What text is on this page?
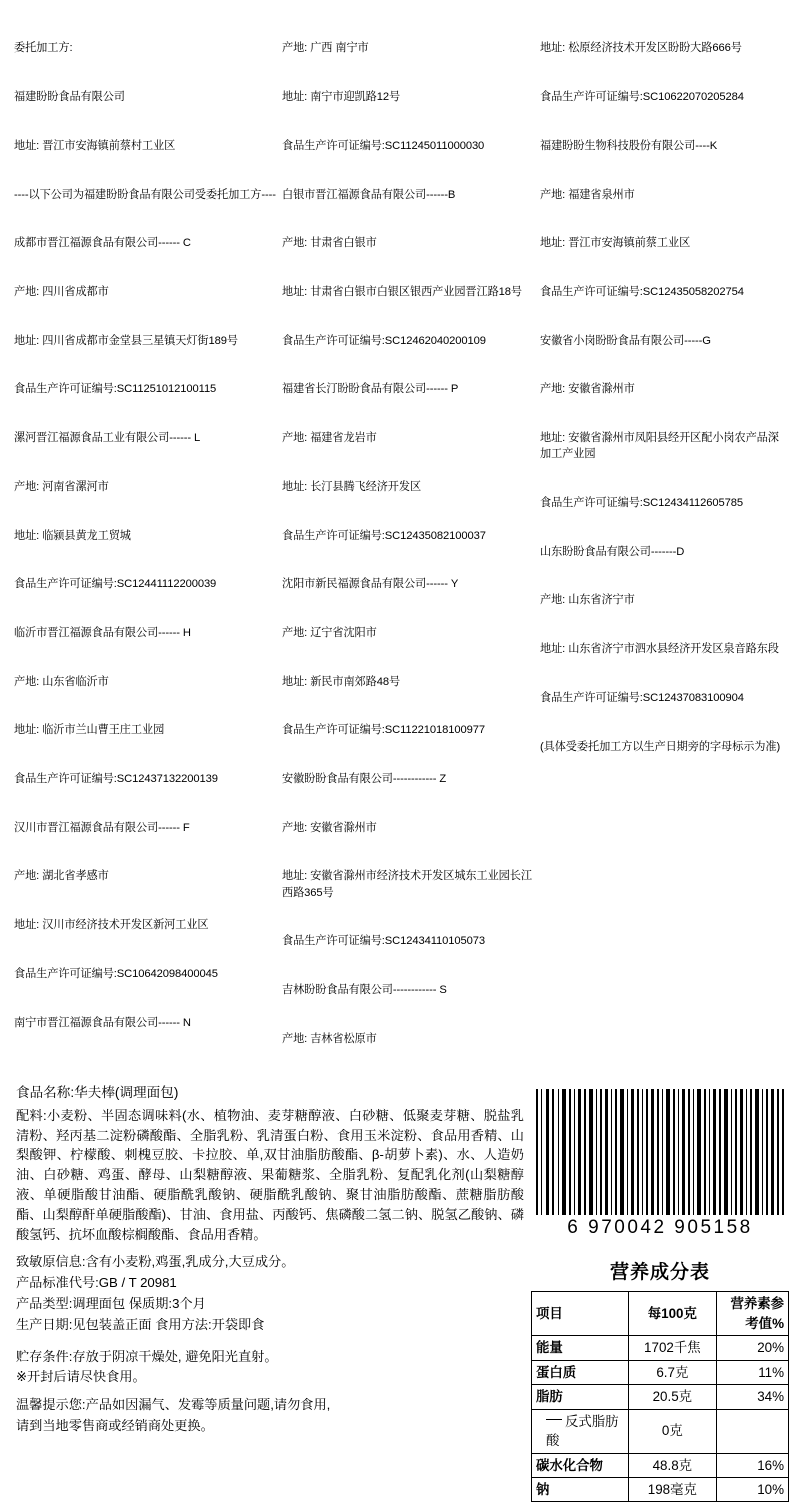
委托加工方:

福建盼盼食品有限公司

地址: 晋江市安海镇前蔡村工业区

----以下公司为福建盼盼食品有限公司受委托加工方----

成都市晋江福源食品有限公司------ C

产地: 四川省成都市

地址: 四川省成都市金堂县三星镇天灯街189号

食品生产许可证编号:SC11251012100115

漯河晋江福源食品工业有限公司------ L

产地: 河南省漯河市

地址: 临颍县黄龙工贸城

食品生产许可证编号:SC12441112200039

临沂市晋江福源食品有限公司------ H

产地: 山东省临沂市

地址: 临沂市兰山曹王庄工业园

食品生产许可证编号:SC12437132200139

汉川市晋江福源食品有限公司------ F

产地: 湖北省孝感市

地址: 汉川市经济技术开发区新河工业区

食品生产许可证编号:SC10642098400045

南宁市晋江福源食品有限公司------ N

产地: 广西 南宁市

地址: 南宁市迎凯路12号

食品生产许可证编号:SC11245011000030

白银市晋江福源食品有限公司------B

产地: 甘肃省白银市

地址: 甘肃省白银市白银区银西产业园晋江路18号

食品生产许可证编号:SC12462040200109

福建省长汀盼盼食品有限公司------ P

产地: 福建省龙岩市

地址: 长汀县腾飞经济开发区

食品生产许可证编号:SC12435082100037

沈阳市新民福源食品有限公司------ Y

产地: 辽宁省沈阳市

地址: 新民市南郊路48号

食品生产许可证编号:SC11221018100977

安徽盼盼食品有限公司------------ Z

产地: 安徽省滁州市

地址: 安徽省滁州市经济技术开发区城东工业园长江西路365号

食品生产许可证编号:SC12434110105073

吉林盼盼食品有限公司------------ S

产地: 吉林省松原市

地址: 松原经济技术开发区盼盼大路666号

食品生产许可证编号:SC10622070205284

福建盼盼生物科技股份有限公司----K

产地: 福建省泉州市

地址: 晋江市安海镇前蔡工业区

食品生产许可证编号:SC12435058202754

安徽省小岗盼盼食品有限公司-----G

产地: 安徽省滁州市

地址: 安徽省滁州市凤阳县经开区配小岗农产品深加工产业园

食品生产许可证编号:SC12434112605785

山东盼盼食品有限公司-------D

产地: 山东省济宁市

地址: 山东省济宁市泗水县经济开发区泉音路东段

食品生产许可证编号:SC12437083100904

(具体受委托加工方以生产日期旁的字母标示为准)

食品名称:华夫棒(调理面包)
配料:小麦粉、半固态调味料(水、植物油、麦芽糖醇液、白砂糖、低聚麦芽糖、脱盐乳清粉、羟丙基二淀粉磷酸酯、全脂乳粉、乳清蛋白粉、食用玉米淀粉、食品用香精、山梨酸钾、柠檬酸、刺槐豆胶、卡拉胶、单,双甘油脂肪酸酯、β-胡萝卜素)、水、人造奶油、白砂糖、鸡蛋、酵母、山梨糖醇液、果葡糖浆、全脂乳粉、复配乳化剂(山梨糖醇液、单硬脂酸甘油酯、硬脂酰乳酸钠、硬脂酰乳酸钠、聚甘油脂肪酸酯、蔗糖脂肪酸酯、山梨醇酐单硬脂酸酯)、甘油、食用盐、丙酸钙、焦磷酸二氢二钠、脱氢乙酸钠、磷酸氢钙、抗坏血酸棕榈酸酯、食品用香精。
致敏原信息:含有小麦粉,鸡蛋,乳成分,大豆成分。
产品标准代号:GB / T 20981
产品类型:调理面包 保质期:3个月
生产日期:见包装盖正面 食用方法:开袋即食
贮存条件:存放于阴凉干燥处, 避免阳光直射。
※开封后请尽快食用。
温馨提示您:产品如因漏气、发霉等质量问题,请勿食用,
请到当地零售商或经销商处更换。
6 970042 905158
营养成分表
项目	每100克	营养素参考值%
能量	1702千焦	20%
蛋白质	6.7克	11%
脂肪	20.5克	34%
反式脂肪酸	0克	
碳水化合物	48.8克	16%
钠	198毫克	10%
